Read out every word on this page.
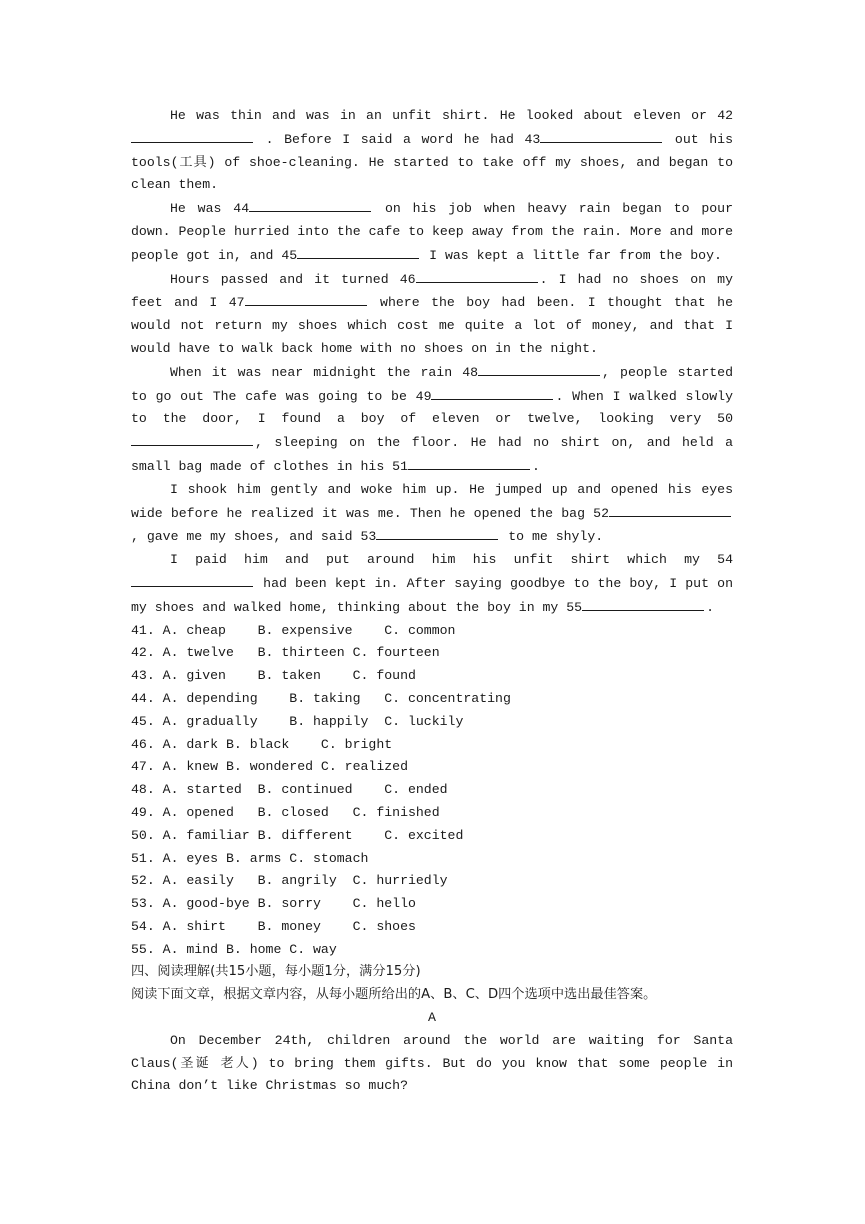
He was thin and was in an unfit shirt. He looked about eleven or 42 . Before I said a word he had 43	out his tools(工具) of shoe-cleaning. He started to take off my shoes, and began to clean them.

He was 44	on his job when heavy rain began to pour down. People hurried into the cafe to keep away from the rain. More and more people got in, and 45	I was kept a little far from the boy.

Hours passed and it turned 46	. I had no shoes on my feet and I 47	where the boy had been. I thought that he would not return my shoes which cost me quite a lot of money, and that I would have to walk back home with no shoes on in the night.

When it was near midnight the rain 48	, people started to go out The cafe was going to be 49	. When I walked slowly to the door, I found a boy of eleven or twelve, looking very 50, sleeping on the floor. He had no shirt on, and held a small bag made of clothes in his 51	.

I shook him gently and woke him up. He jumped up and opened his eyes wide before he realized it was me. Then he opened the bag 52, gave me my shoes, and said 53	to me shyly.

I paid him and put around him his unfit shirt which my 54 had been kept in. After saying goodbye to the boy, I put on my shoes and walked home, thinking about the boy in my 55	.

41. A. cheap    B. expensive    C. common

42. A. twelve   B. thirteen C. fourteen

43. A. given    B. taken    C. found

44. A. depending    B. taking   C. concentrating

45. A. gradually    B. happily  C. luckily

46. A. dark B. black    C. bright

47. A. knew B. wondered C. realized

48. A. started  B. continued    C. ended

49. A. opened   B. closed   C. finished

50. A. familiar B. different    C. excited

51. A. eyes B. arms C. stomach

52. A. easily   B. angrily  C. hurriedly

53. A. good-bye B. sorry    C. hello

54. A. shirt    B. money    C. shoes

55. A. mind B. home C. way

四、阅读理解(共15小题，每小题1分，满分15分)

阅读下面文章，根据文章内容，从每小题所给出的A、B、C、D四个选项中选出最佳答案。

A

On December 24th, children around the world are waiting for Santa Claus(圣诞 老人) to bring them gifts. But do you know that some people in China don’t like Christmas so much?
